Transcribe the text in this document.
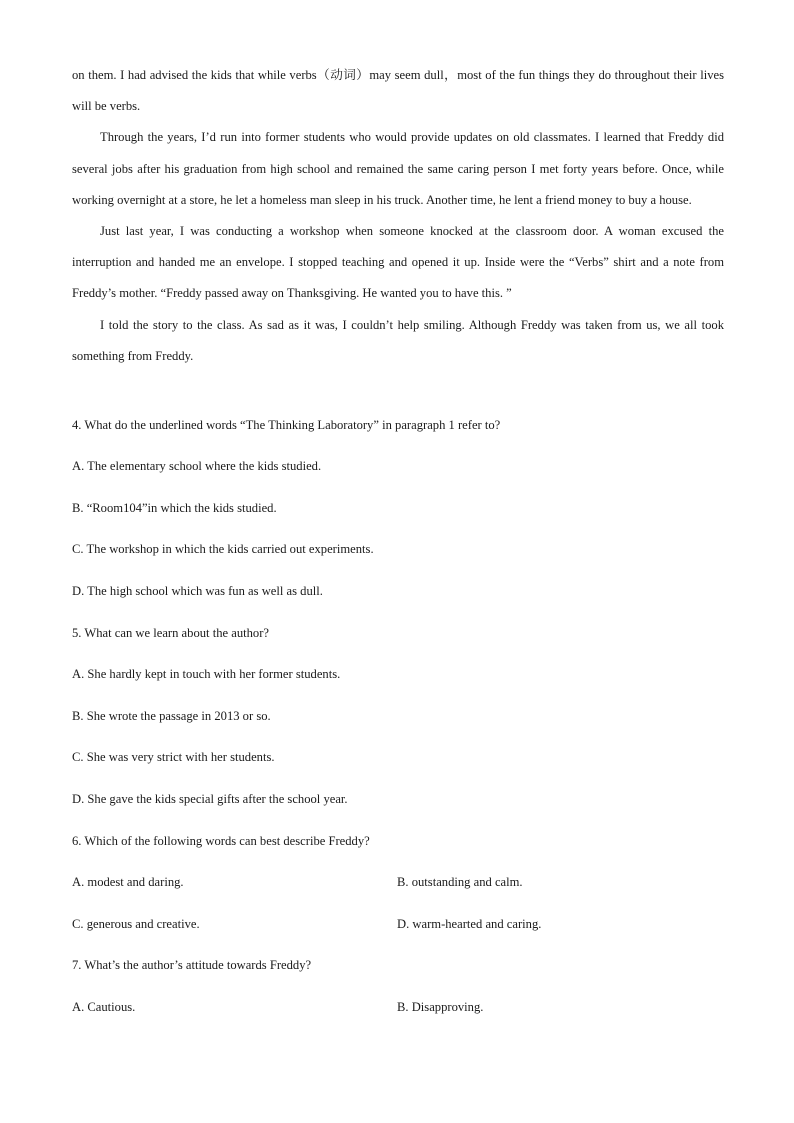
on them. I had advised the kids that while verbs（动词）may seem dull，most of the fun things they do throughout their lives will be verbs.

Through the years, I’d run into former students who would provide updates on old classmates. I learned that Freddy did several jobs after his graduation from high school and remained the same caring person I met forty years before. Once, while working overnight at a store, he let a homeless man sleep in his truck. Another time, he lent a friend money to buy a house.

Just last year, I was conducting a workshop when someone knocked at the classroom door. A woman excused the interruption and handed me an envelope. I stopped teaching and opened it up. Inside were the “Verbs” shirt and a note from Freddy’s mother. “Freddy passed away on Thanksgiving. He wanted you to have this. ”

I told the story to the class. As sad as it was, I couldn’t help smiling. Although Freddy was taken from us, we all took something from Freddy.

4. What do the underlined words “The Thinking Laboratory” in paragraph 1 refer to?
A. The elementary school where the kids studied.
B. “Room104”in which the kids studied.
C. The workshop in which the kids carried out experiments.
D. The high school which was fun as well as dull.
5. What can we learn about the author?
A. She hardly kept in touch with her former students.
B. She wrote the passage in 2013 or so.
C. She was very strict with her students.
D. She gave the kids special gifts after the school year.
6. Which of the following words can best describe Freddy?
A. modest and daring.	B. outstanding and calm.
C. generous and creative.	D. warm-hearted and caring.
7. What’s the author’s attitude towards Freddy?
A. Cautious.	B. Disapproving.
